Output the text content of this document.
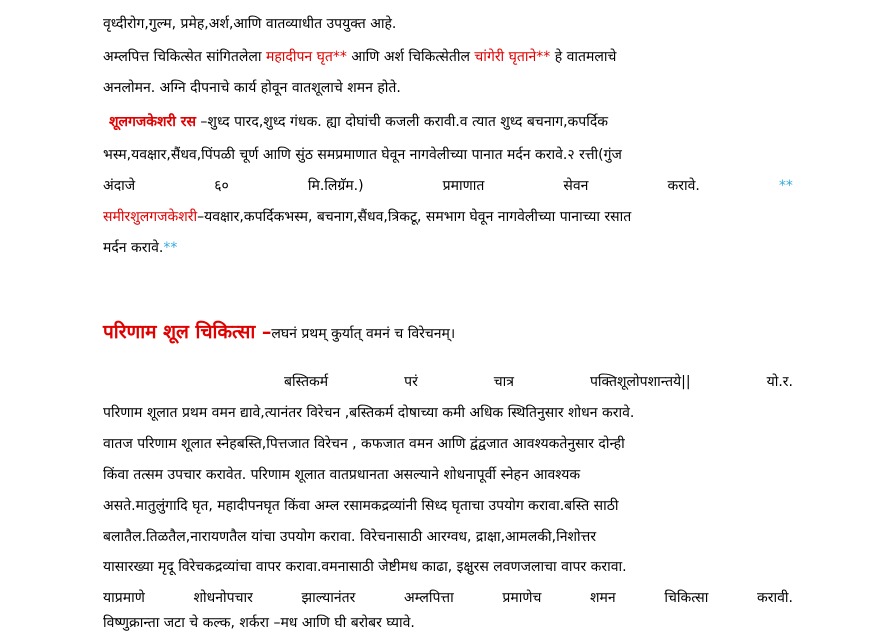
वृध्दीरोग,गुल्म, प्रमेह,अर्श,आणि वातव्याधीत उपयुक्त आहे.
अम्लपित्त चिकित्सेत सांगितलेला महादीपन घृत** आणि अर्श चिकित्सेतील चांगेरी घृताने** हे वातमलाचे
अनलोमन. अग्नि दीपनाचे कार्य होवून वातशूलाचे शमन होते.
शूलगजकेशरी रस –शुध्द पारद,शुध्द गंधक. ह्या दोघांची कजली करावी.व त्यात शुध्द बचनाग,कपर्दिक
भस्म,यवक्षार,सैंधव,पिंपळी चूर्ण आणि सुंठ समप्रमाणात घेवून नागवेलीच्या पानात मर्दन करावे.२ रत्ती(गुंज
अंदाजे	६०	मि.लिग्रॅम.)	प्रमाणात	सेवन	करावे.	**
समीरशुलगजकेशरी–यवक्षार,कपर्दिकभस्म, बचनाग,सैंधव,त्रिकटू, समभाग घेवून नागवेलीच्या पानाच्या रसात
मर्दन करावे.**
परिणाम शूल चिकित्सा –लघनं प्रथम् कुर्यात् वमनं च विरेचनम्।
बस्तिकर्म	परं	चात्र	पक्तिशूलोपशान्तये||	यो.र.
परिणाम शूलात प्रथम वमन द्यावे,त्यानंतर विरेचन ,बस्तिकर्म दोषाच्या कमी अधिक स्थितिनुसार शोधन करावे.
वातज परिणाम शूलात स्नेहबस्ति,पित्तजात विरेचन , कफजात वमन आणि द्वंद्वजात आवश्यकतेनुसार दोन्ही
किंवा तत्सम उपचार करावेत. परिणाम शूलात वातप्रधानता असल्याने शोधनापूर्वी स्नेहन आवश्यक
असते.मातुलुंगादि घृत, महादीपनघृत किंवा अम्ल रसामकद्रव्यांनी सिध्द घृताचा उपयोग करावा.बस्ति साठी
बलातैल.तिळतैल,नारायणतैल यांचा उपयोग करावा. विरेचनासाठी आरग्वध, द्राक्षा,आमलकी,निशोत्तर
यासारख्या मृदू विरेचकद्रव्यांचा वापर करावा.वमनासाठी जेष्टीमध काढा, इक्षुरस लवणजलाचा वापर करावा.
याप्रमाणे	शोधनोपचार	झाल्यानंतर	अम्लपित्ता	प्रमाणेच	शमन	चिकित्सा	करावी.
विष्णुक्रान्ता जटा चे कल्क, शर्करा –मध आणि घी बरोबर घ्यावे.
